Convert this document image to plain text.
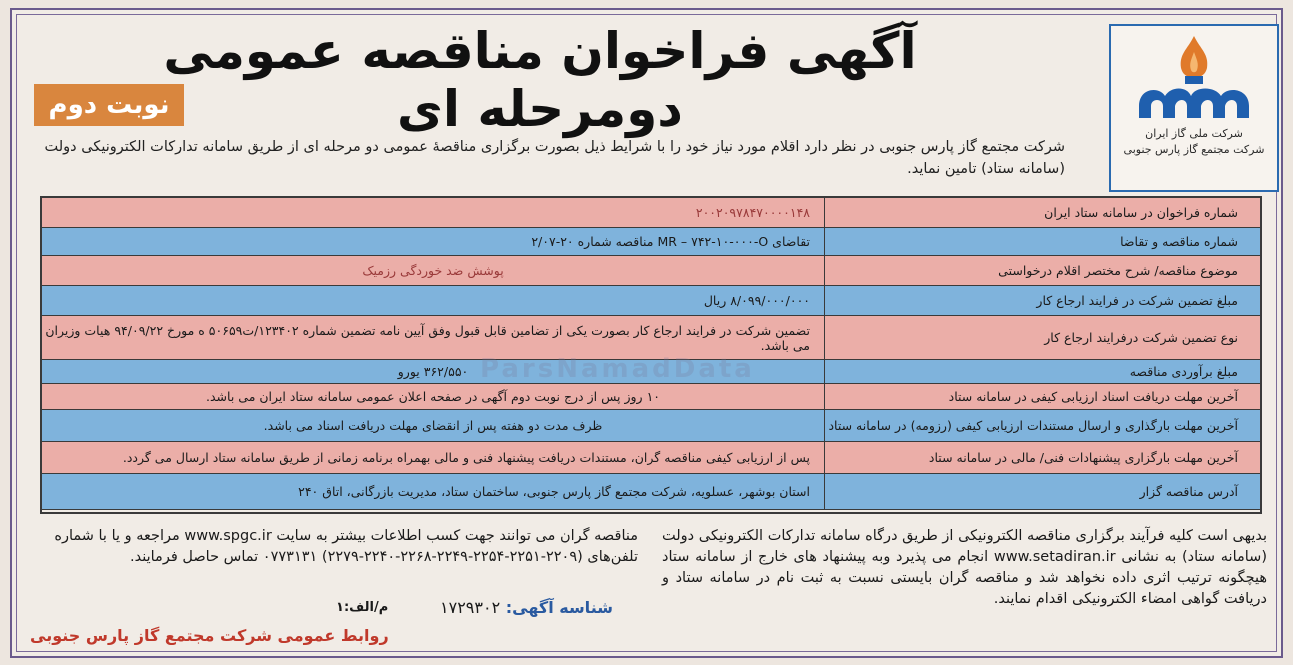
شرکت ملی گاز ایران
شرکت مجتمع گاز پارس جنوبی
آگهی فراخوان مناقصه عمومی دومرحله ای
نوبت دوم
شرکت مجتمع گاز پارس جنوبی در نظر دارد اقلام مورد نیاز خود را با شرایط ذیل بصورت برگزاری مناقصۀ عمومی دو مرحله ای از طریق سامانه تدارکات الکترونیکی دولت (سامانه ستاد) تامین نماید.
شماره فراخوان در سامانه ستاد ایران
۲۰۰۲۰۹۷۸۴۷۰۰۰۰۱۴۸
شماره مناقصه و تقاضا
تقاضای MR – ۷۴۲-۱۰-۰۰۰-O مناقصه شماره ۲۰-۲/۰۷
موضوع مناقصه/ شرح مختصر اقلام درخواستی
پوشش ضد خوردگی رزمیک
مبلغ تضمین شرکت در فرایند ارجاع کار
۸/۰۹۹/۰۰۰/۰۰۰ ریال
نوع تضمین شرکت درفرایند ارجاع کار
تضمین شرکت در فرایند ارجاع کار بصورت یکی از تضامین قابل قبول وفق آیین نامه تضمین شماره ۱۲۳۴۰۲/ت۵۰۶۵۹ ه مورخ ۹۴/۰۹/۲۲ هیات وزیران می باشد.
مبلغ برآوردی مناقصه
۳۶۲/۵۵۰ یورو
آخرین مهلت دریافت اسناد ارزیابی کیفی در سامانه ستاد
۱۰ روز پس از درج نوبت دوم آگهی در صفحه اعلان عمومی سامانه ستاد ایران می باشد.
آخرین مهلت بارگذاری و ارسال مستندات ارزیابی کیفی (رزومه) در سامانه ستاد
ظرف مدت دو هفته پس از انقضای مهلت دریافت اسناد می باشد.
آخرین مهلت بارگزاری پیشنهادات فنی/ مالی در سامانه ستاد
پس از ارزیابی کیفی مناقصه گران، مستندات دریافت پیشنهاد فنی و مالی بهمراه برنامه زمانی از طریق سامانه ستاد ارسال می گردد.
آدرس مناقصه گزار
استان بوشهر، عسلویه، شرکت مجتمع گاز پارس جنوبی، ساختمان ستاد، مدیریت بازرگانی، اتاق ۲۴۰
ParsNamadData
بدیهی است کلیه فرآیند برگزاری مناقصه الکترونیکی از طریق درگاه سامانه تدارکات الکترونیکی دولت (سامانه ستاد) به نشانی www.setadiran.ir انجام می پذیرد وبه پیشنهاد های خارج از سامانه ستاد هیچگونه ترتیب اثری داده نخواهد شد و مناقصه گران بایستی نسبت به ثبت نام در سامانه ستاد و دریافت گواهی امضاء الکترونیکی اقدام نمایند.
مناقصه گران می توانند جهت کسب اطلاعات بیشتر به سایت www.spgc.ir مراجعه و یا با شماره تلفن‌های (۲۲۰۹-۲۲۵۱-۲۲۵۴-۲۲۴۹-۲۲۶۸-۲۲۴۰-۲۲۷۹) ۰۷۷۳۱۳۱ تماس حاصل فرمایند.
شناسه آگهی: ۱۷۲۹۳۰۲
م/الف:۱
روابط عمومی شرکت مجتمع گاز پارس جنوبی
